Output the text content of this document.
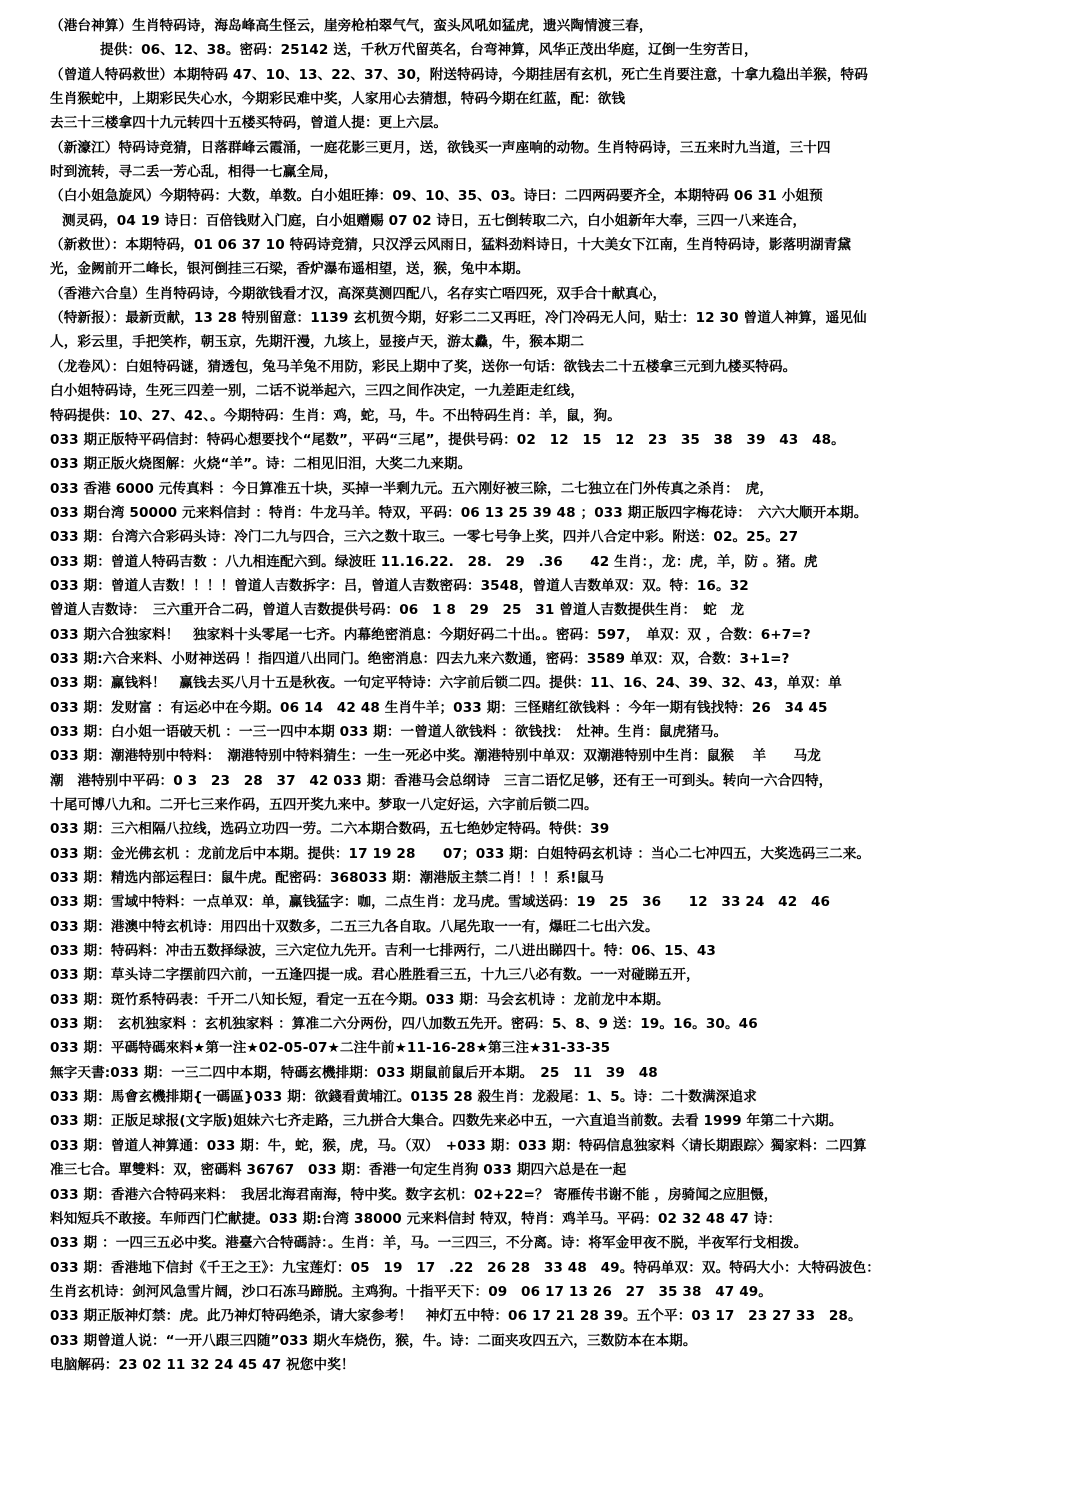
（港台神算）生肖特码诗，海岛峰高生怪云，崖旁枪柏翠气气，蛮头风吼如猛虎，遗兴陶情渡三春，
提供：06、12、38。密码：25142 送，千秋万代留英名，台弯神算，风华正茂出华庭，辽倒一生穷苦日，
（曾道人特码救世）本期特码 47、10、13、22、37、30，附送特码诗，今期挂居有玄机，死亡生肖要注意，十拿九稳出羊猴，特码
生肖猴蛇中，上期彩民失心水，今期彩民难中奖，人家用心去猜想，特码今期在红蓝，配：欲钱
去三十三楼拿四十九元转四十五楼买特码，曾道人提：更上六层。
（新濠江）特码诗竞猜，日落群峰云霞涌，一庭花影三更月，送，欲钱买一声座响的动物。生肖特码诗，三五来时九当道，三十四
时到流转，寻二丢一芳心乱，相得一七赢全局，
（白小姐急旋风）今期特码：大数，单数。白小姐旺捧：09、10、35、03。诗曰：二四两码要齐全，本期特码 06 31 小姐预
测灵码，04 19 诗日：百倍钱财入门庭，白小姐赠赐 07 02 诗日，五七倒转取二六，白小姐新年大奉，三四一八来连合，
（新救世）：本期特码，01 06 37 10 特码诗竞猜，只汉浮云风雨日，猛料劲料诗日，十大美女下江南，生肖特码诗，影落明湖青黛
光，金阙前开二峰长，银河倒挂三石梁，香炉瀑布遥相望，送，猴，兔中本期。
（香港六合皇）生肖特码诗，今期欲钱看才汉，高深莫测四配八，名存实亡唔四死，双手合十献真心，
（特新报）：最新贡献，13 28 特别留意：1139 玄机贺今期，好彩二二又再旺，冷门冷码无人问，贴士：12 30 曾道人神算，遥见仙
人，彩云里，手把笑柞，朝玉京，先期汗漫，九垓上，显接卢天，游太灥，牛，猴本期二
（龙卷风）：白姐特码谜，猜透包，兔马羊兔不用防，彩民上期中了奖，送你一句话：欲钱去二十五楼拿三元到九楼买特码。
白小姐特码诗，生死三四差一别，二话不说举起六，三四之间作决定，一九差距走红线，
特码提供：10、27、42、。今期特码：生肖：鸡，蛇，马，牛。不出特码生肖：羊，鼠，狗。
033 期正版特平码信封：特码心想要找个“尾数”，平码“三尾”，提供号码：02　12　15　12　23　35　38　39　43　48。
033 期正版火烧图解：火烧“羊”。诗：二相见旧泪，大奖二九来期。
033 香港 6000 元传真料 ：今日算准五十块，买掉一半剩九元。五六刚好被三除，二七独立在门外传真之杀肖：　虎，
033 期台湾 50000 元来料信封 ：特肖：牛龙马羊。特双，平码：06 13 25 39 48 ；033 期正版四字梅花诗：　六六大顺开本期。
033 期：台湾六合彩码头诗：冷门二九与四合，三六之数十取三。一零七号争上奖，四并八合定中彩。附送：02。25。27
033 期：曾道人特码吉数 ：八九相连配六到。绿波旺 11.16.22.　28.　29　.36　　42 生肖：，龙：虎，羊，防 。猪。虎
033 期：曾道人吉数！！！！曾道人吉数拆字：吕，曾道人吉数密码：3548，曾道人吉数单双：双。特：16。32
曾道人吉数诗：　三六重开合二码，曾道人吉数提供号码：06　1 8　29　25　31 曾道人吉数提供生肖：　蛇　龙
033 期六合独家料！　独家料十头零尾一七齐。内幕绝密消息：今期好码二十出。。密码：597，　单双：双 ，合数：6+7=?
033 期:六合来料、小财神送码 ！指四道八出同门。绝密消息：四去九来六数通，密码：3589 单双：双，合数：3+1=?
033 期：赢钱料！　赢钱去买八月十五是秋夜。一句定平特诗：六字前后锁二四。提供：11、16、24、39、32、43，单双：单
033 期：发财富 ：有运必中在今期。06 14　42 48 生肖牛羊；033 期：三怪赌红欲钱料 ：今年一期有钱找特：26　34 45
033 期：白小姐一语破天机 ：一三一四中本期 033 期：一曾道人欲钱料 ：欲钱找：　灶神。生肖：鼠虎猪马。
033 期：潮港特别中特料：　潮港特别中特料猜生：一生一死必中奖。潮港特别中单双：双潮港特别中生肖：鼠猴　 羊　　马龙
潮　港特别中平码：0 3　23　28　37　42 033 期：香港马会总纲诗　三言二语忆足够，还有王一可到头。转向一六合四特，
十尾可博八九和。二开七三来作码，五四开奖九来中。梦取一八定好运，六字前后锁二四。
033 期：三六相隔八拉线，选码立功四一劳。二六本期合数码，五七绝妙定特码。特供：39
033 期：金光佛玄机 ：龙前龙后中本期。提供：17 19 28　　07；033 期：白姐特码玄机诗 ：当心二七冲四五，大奖选码三二来。
033 期：精选内部运程曰：鼠牛虎。配密码：368033 期：潮港版主禁二肖！！！系!鼠马
033 期：雪域中特料：一点单双：单，赢钱猛字：咖，二点生肖：龙马虎。雪域送码：19　25　36　　12　33 24　42　46
033 期：港澳中特玄机诗：用四出十双数多，二五三九各自取。八尾先取一一有，爆旺二七出六发。
033 期：特码料：冲击五数择绿波，三六定位九先开。吉利一七排两行，二八进出睇四十。特：06、15、43
033 期：草头诗二字摆前四六前，一五逢四提一成。君心胜胜看三五，十九三八必有数。一一对碰睇五开，
033 期：斑竹系特码表：千开二八知长短，看定一五在今期。033 期：马会玄机诗 ：龙前龙中本期。
033 期：　玄机独家料 ：玄机独家料 ：算准二六分两份，四八加数五先开。密码：5、8、9 送：19。16。30。46
033 期：平碼特碼來料★第一注★02-05-07★二注牛前★11-16-28★第三注★31-33-35
無字天書:033 期：一三二四中本期，特碼玄機排期：033 期鼠前鼠后开本期。　25　11　39　48
033 期：馬會玄機排期{一碼區}033 期：欲錢看黄埔江。0135 28 殺生肖：龙殺尾：1、5。诗：二十数满深追求
033 期：正版足球报(文字版)姐妹六七齐走路，三九拼合大集合。四数先来必中五，一六直追当前数。去看 1999 年第二十六期。
033 期：曾道人神算通：033 期：牛，蛇，猴，虎，马。（双）　+033 期：033 期：特码信息独家料〈请长期跟踪〉獨家料：二四算
准三七合。單雙料：双，密碼料 36767　033 期：香港一句定生肖狗 033 期四六总是在一起
033 期：香港六合特码来料：　我居北海君南海，特中奖。数字玄机：02+22=？ 寄雁传书谢不能 ，房骑闻之应胆慑，
料知短兵不敢接。车师西门伫献捷。033 期:台湾 38000 元来料信封 特双，特肖：鸡羊马。平码：02 32 48 47 诗：
033 期 ：一四三五必中奖。港臺六合特碼詩：。生肖：羊，马。一三四三，不分离。诗：将军金甲夜不脱，半夜军行戈相拨。
033 期：香港地下信封《千王之王》：九宝莲灯：05　19　17　.22　26 28　33 48　49。特码单双：双。特码大小：大特码波色：
生肖玄机诗：剑河风急雪片阔，沙口石冻马蹄脱。主鸡狗。十指平天下：09　06 17 13 26　27　35 38　47 49。
033 期正版神灯禁：虎。此乃神灯特码绝杀，请大家参考！　神灯五中特：06 17 21 28 39。五个平：03 17　23 27 33　28。
033 期曾道人说：“一开八跟三四随”033 期火车烧伤，猴，牛。诗：二面夹攻四五六，三数防本在本期。
电脑解码：23 02 11 32 24 45 47 祝您中奖！
